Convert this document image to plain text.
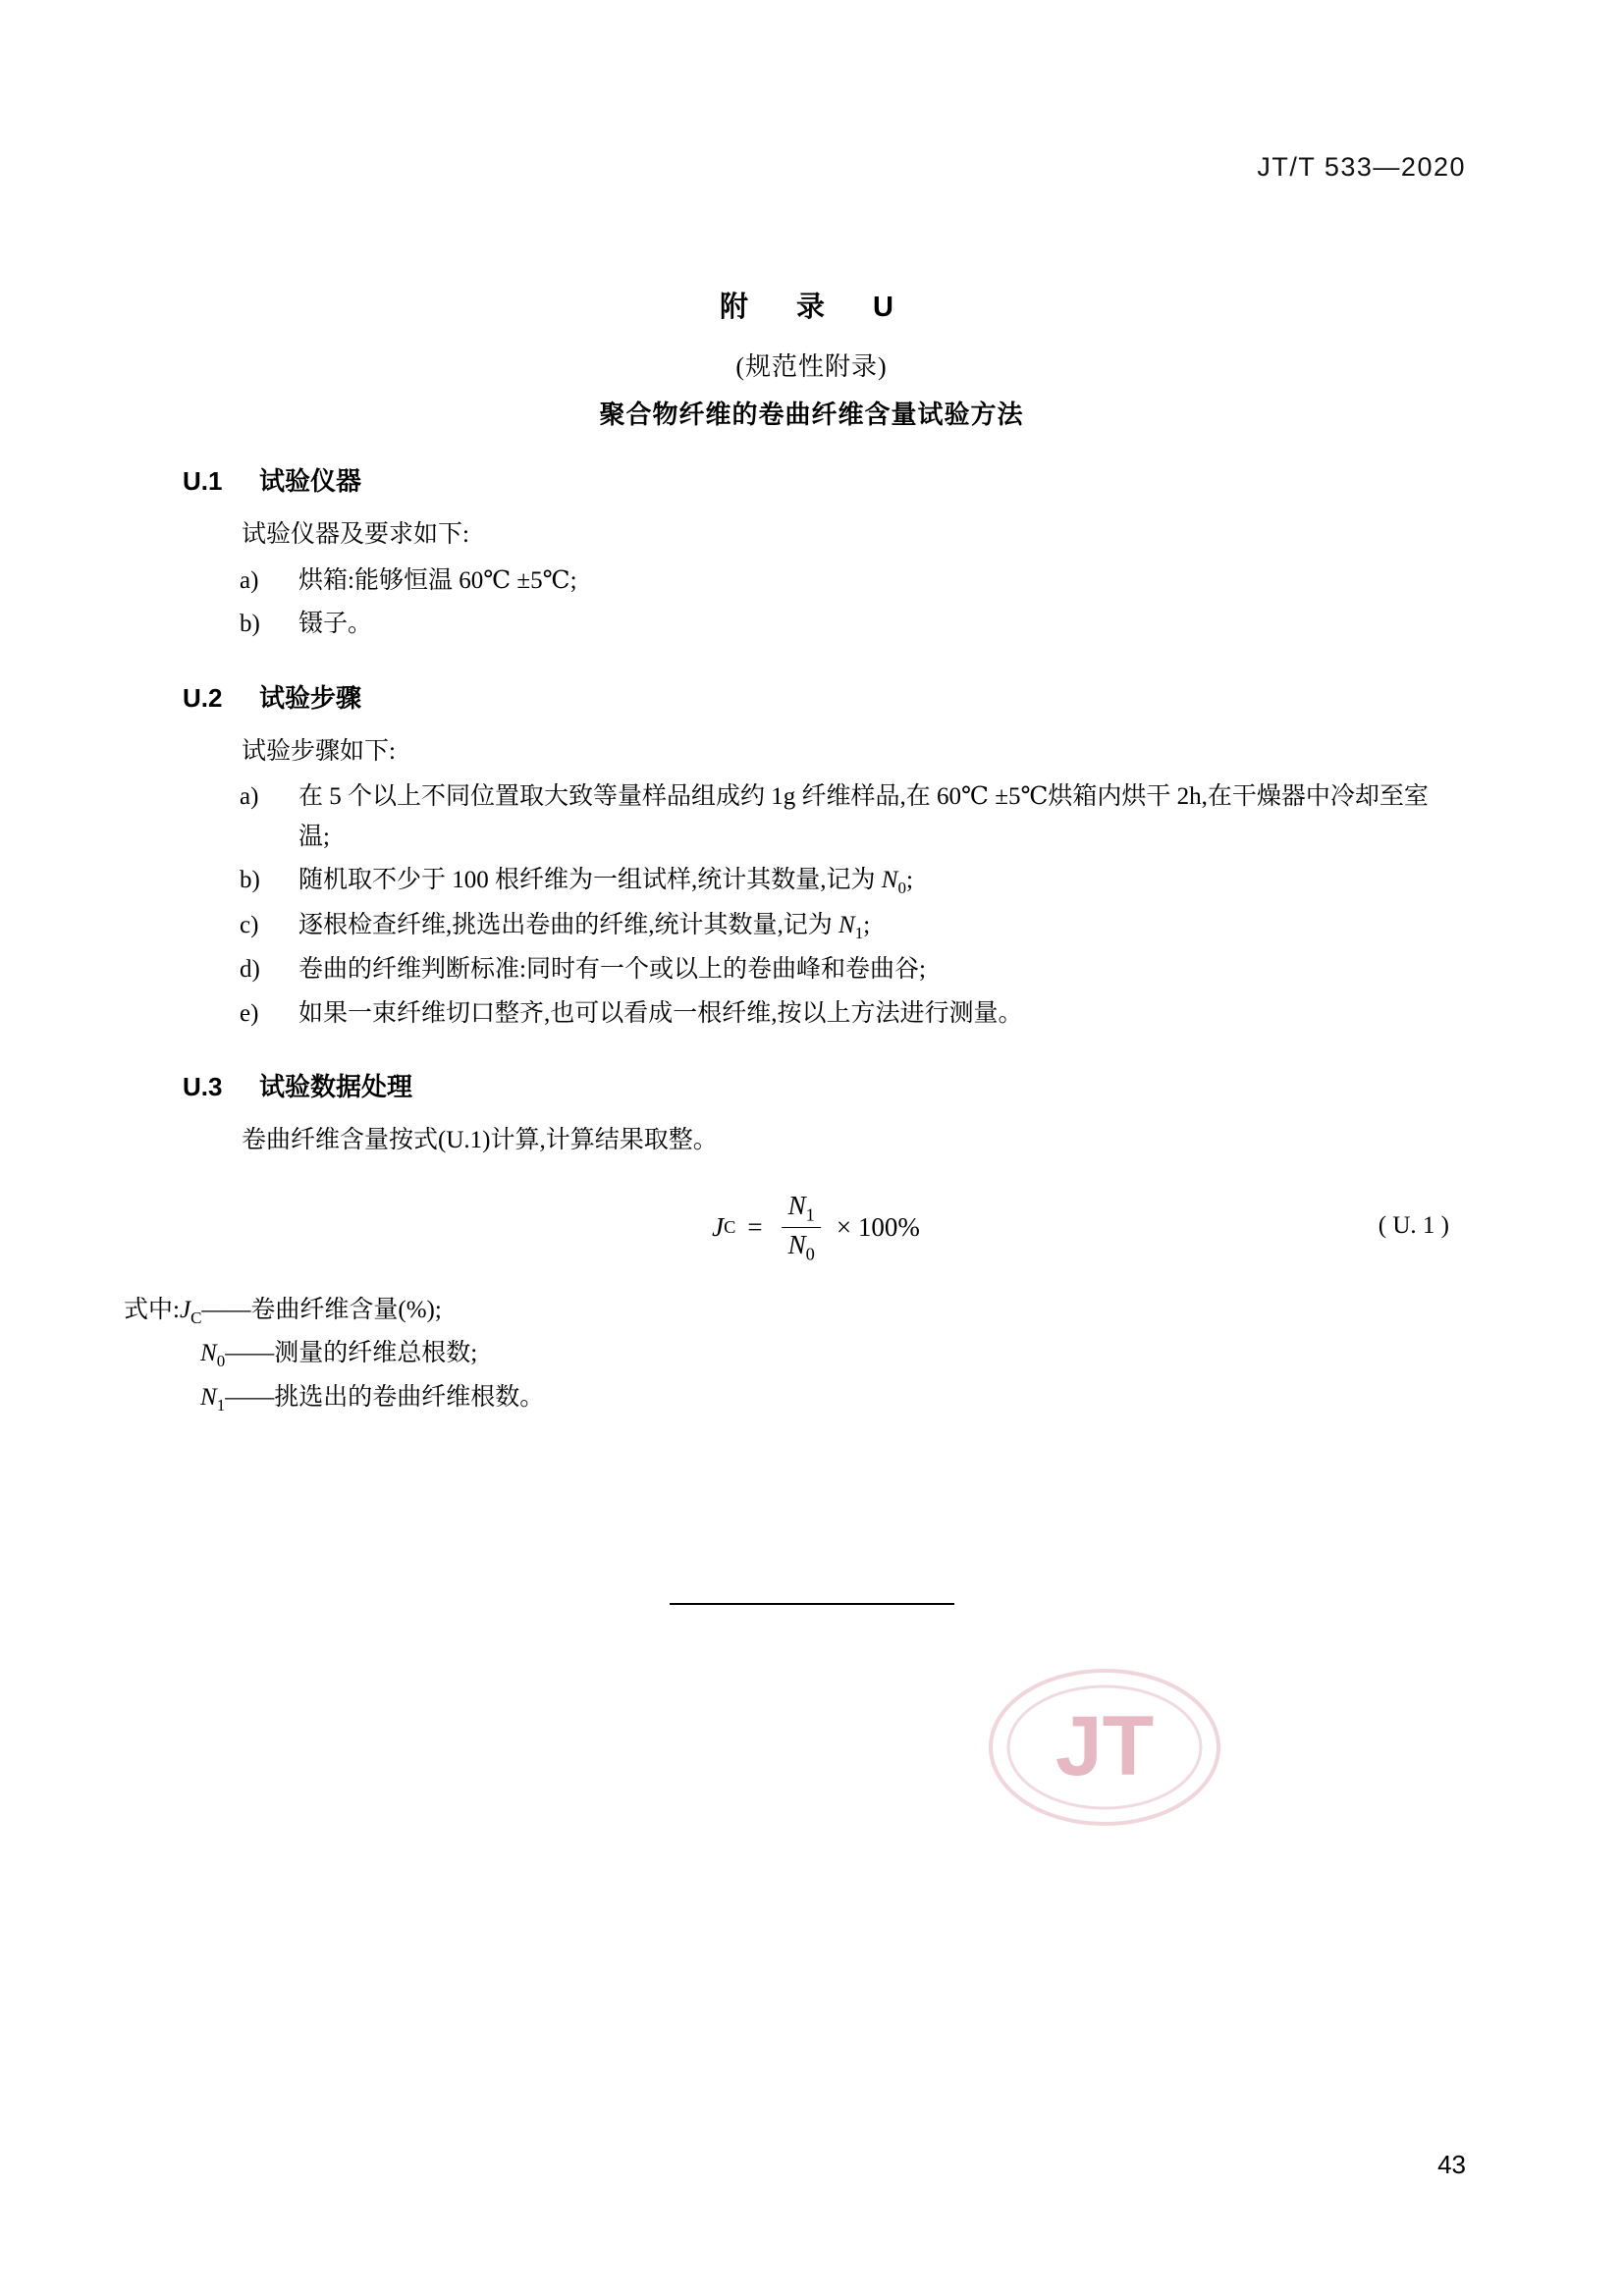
JT/T 533—2020
附　录　U
(规范性附录)
聚合物纤维的卷曲纤维含量试验方法
U.1 试验仪器

试验仪器及要求如下:

a)	烘箱:能够恒温 60℃ ±5℃;
b)	镊子。
U.2 试验步骤

试验步骤如下:

a)	在 5 个以上不同位置取大致等量样品组成约 1g 纤维样品,在 60℃ ±5℃烘箱内烘干 2h,在干燥器中冷却至室温;
b)	随机取不少于 100 根纤维为一组试样,统计其数量,记为 $N_0$;
c)	逐根检查纤维,挑选出卷曲的纤维,统计其数量,记为 $N_1$;
d)	卷曲的纤维判断标准:同时有一个或以上的卷曲峰和卷曲谷;
e)	如果一束纤维切口整齐,也可以看成一根纤维,按以上方法进行测量。
U.3 试验数据处理

卷曲纤维含量按式(U.1)计算,计算结果取整。

J $C = \frac{N_1}{N_0} \times 100\%$	( U. 1 )
式中$:J_C——$卷曲纤维含量(%);
$N_0——$测量的纤维总根数;
$N_1——$挑选出的卷曲纤维根数。
JT
43
